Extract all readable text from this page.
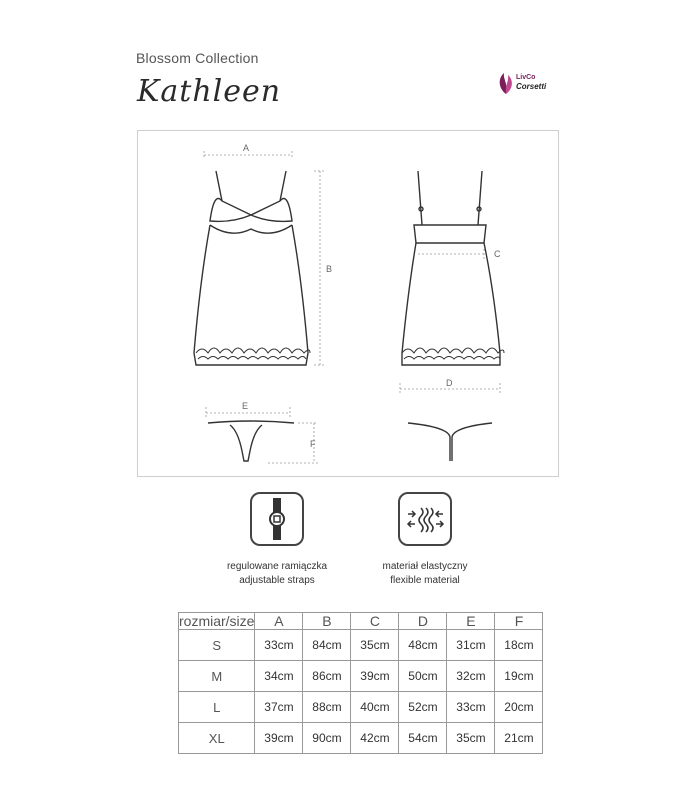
Blossom Collection
Kathleen	LivCo
Corsetti
A
B
C
D
E
F
regulowane ramiączka
adjustable straps
materiał elastyczny
flexible material
rozmiar/size	A	B	C	D	E	F
S	33cm	84cm	35cm	48cm	31cm	18cm
M	34cm	86cm	39cm	50cm	32cm	19cm
L	37cm	88cm	40cm	52cm	33cm	20cm
XL	39cm	90cm	42cm	54cm	35cm	21cm
